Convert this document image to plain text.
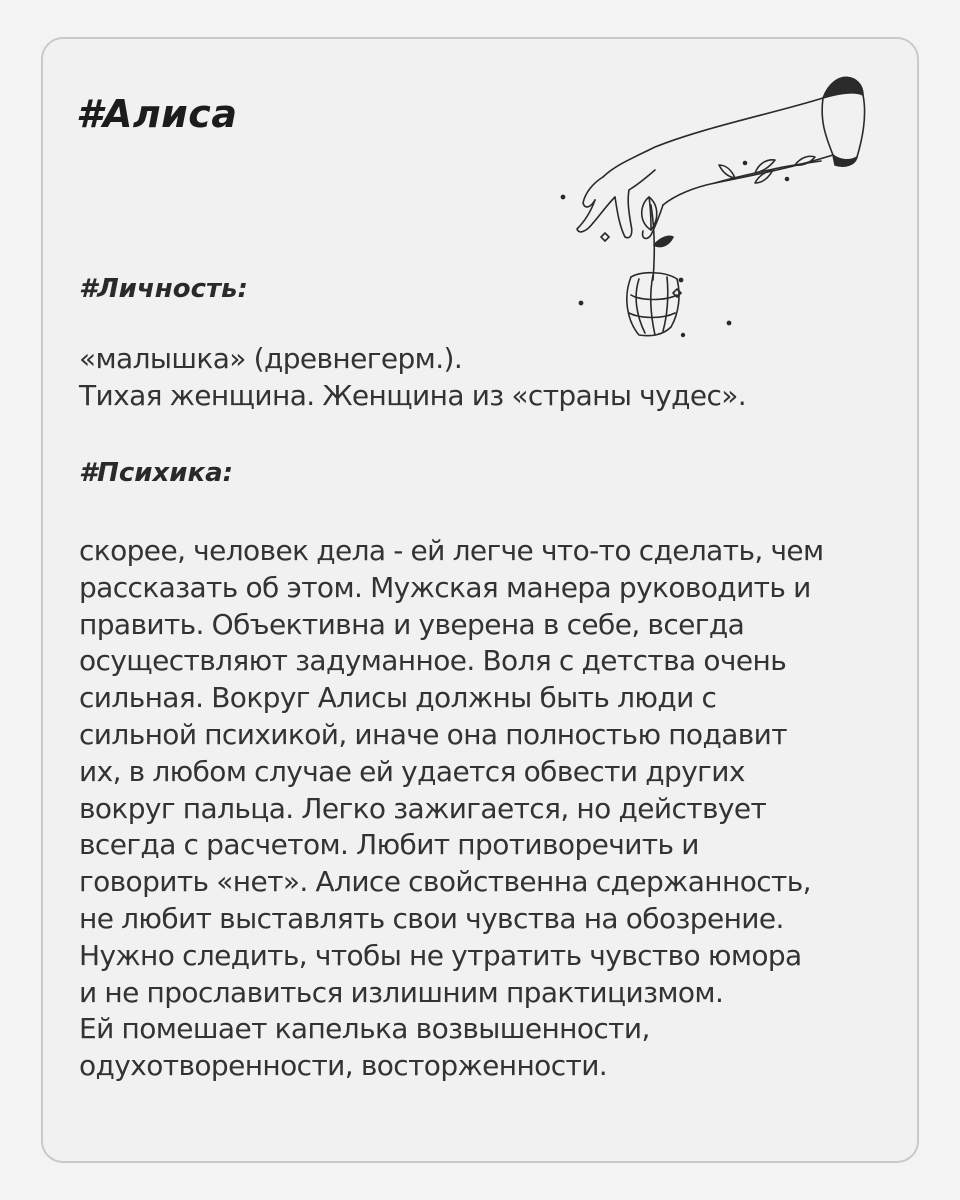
#Алиса
#Личность:
«малышка» (древнегерм.).
Тихая женщина. Женщина из «страны чудес».
#Психика:
скорее, человек дела - ей легче что-то сделать, чем
рассказать об этом. Мужская манера руководить и
править. Объективна и уверена в себе, всегда
осуществляют задуманное. Воля с детства очень
сильная. Вокруг Алисы должны быть люди с
сильной психикой, иначе она полностью подавит
их, в любом случае ей удается обвести других
вокруг пальца. Легко зажигается, но действует
всегда с расчетом. Любит противоречить и
говорить «нет». Алисе свойственна сдержанность,
не любит выставлять свои чувства на обозрение.
Нужно следить, чтобы не утратить чувство юмора
и не прославиться излишним практицизмом.
Ей помешает капелька возвышенности,
одухотворенности, восторженности.
